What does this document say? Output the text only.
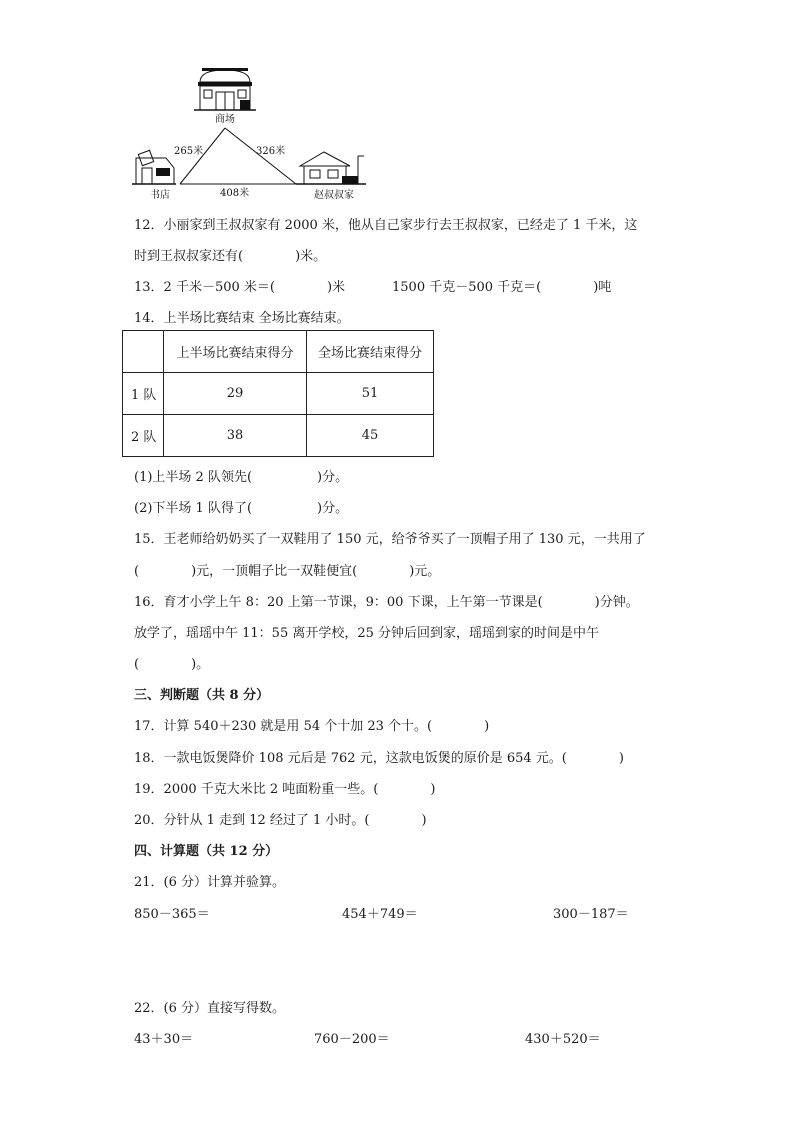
商场
书店	赵叔叔家
265米	326米
408米
12．小丽家到王叔叔家有 2000 米，他从自己家步行去王叔叔家，已经走了 1 千米，这
时到王叔叔家还有(　　　　)米。
13．2 千米－500 米＝(　　　　)米	1500 千克－500 千克＝(　　　　)吨
14．上半场比赛结束 全场比赛结束。
	上半场比赛结束得分	全场比赛结束得分
1 队	29	51
2 队	38	45
(1)上半场 2 队领先(　　　　　)分。
(2)下半场 1 队得了(　　　　　)分。
15．王老师给奶奶买了一双鞋用了 150 元，给爷爷买了一顶帽子用了 130 元，一共用了
(　　　　)元，一顶帽子比一双鞋便宜(　　　　)元。
16．育才小学上午 8：20 上第一节课，9：00 下课，上午第一节课是(　　　　)分钟。
放学了，瑶瑶中午 11：55 离开学校，25 分钟后回到家，瑶瑶到家的时间是中午
(　　　　)。
三、判断题（共 8 分）
17．计算 540＋230 就是用 54 个十加 23 个十。(　　　　)
18．一款电饭煲降价 108 元后是 762 元，这款电饭煲的原价是 654 元。(　　　　)
19．2000 千克大米比 2 吨面粉重一些。(　　　　)
20．分针从 1 走到 12 经过了 1 小时。(　　　　)
四、计算题（共 12 分）
21．(6 分）计算并验算。
850－365＝	454＋749＝	300－187＝
22．(6 分）直接写得数。
43＋30＝	760－200＝	430＋520＝
